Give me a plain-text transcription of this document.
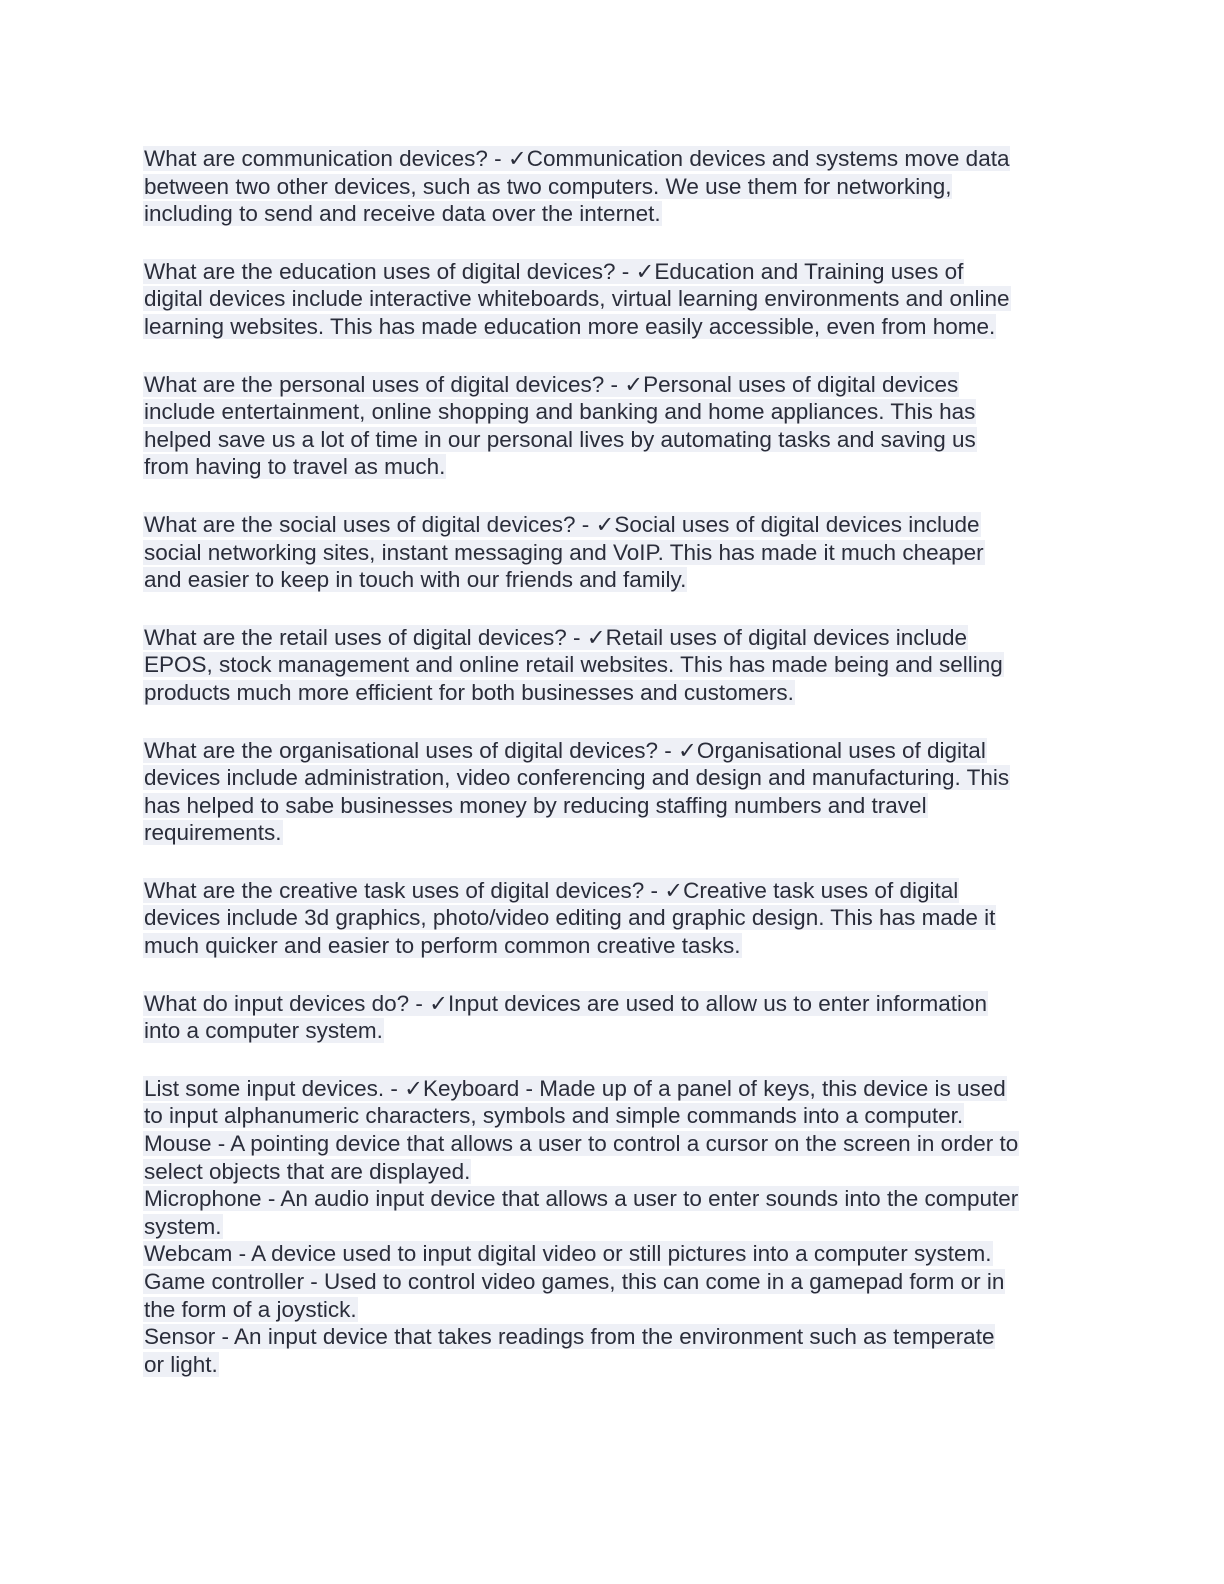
What are communication devices? - ✓Communication devices and systems move data
between two other devices, such as two computers. We use them for networking,
including to send and receive data over the internet.
What are the education uses of digital devices? - ✓Education and Training uses of
digital devices include interactive whiteboards, virtual learning environments and online
learning websites. This has made education more easily accessible, even from home.
What are the personal uses of digital devices? - ✓Personal uses of digital devices
include entertainment, online shopping and banking and home appliances. This has
helped save us a lot of time in our personal lives by automating tasks and saving us
from having to travel as much.
What are the social uses of digital devices? - ✓Social uses of digital devices include
social networking sites, instant messaging and VoIP. This has made it much cheaper
and easier to keep in touch with our friends and family.
What are the retail uses of digital devices? - ✓Retail uses of digital devices include
EPOS, stock management and online retail websites. This has made being and selling
products much more efficient for both businesses and customers.
What are the organisational uses of digital devices? - ✓Organisational uses of digital
devices include administration, video conferencing and design and manufacturing. This
has helped to sabe businesses money by reducing staffing numbers and travel
requirements.
What are the creative task uses of digital devices? - ✓Creative task uses of digital
devices include 3d graphics, photo/video editing and graphic design. This has made it
much quicker and easier to perform common creative tasks.
What do input devices do? - ✓Input devices are used to allow us to enter information
into a computer system.
List some input devices. - ✓Keyboard - Made up of a panel of keys, this device is used
to input alphanumeric characters, symbols and simple commands into a computer.
Mouse - A pointing device that allows a user to control a cursor on the screen in order to
select objects that are displayed.
Microphone - An audio input device that allows a user to enter sounds into the computer
system.
Webcam - A device used to input digital video or still pictures into a computer system.
Game controller - Used to control video games, this can come in a gamepad form or in
the form of a joystick.
Sensor - An input device that takes readings from the environment such as temperate
or light.
